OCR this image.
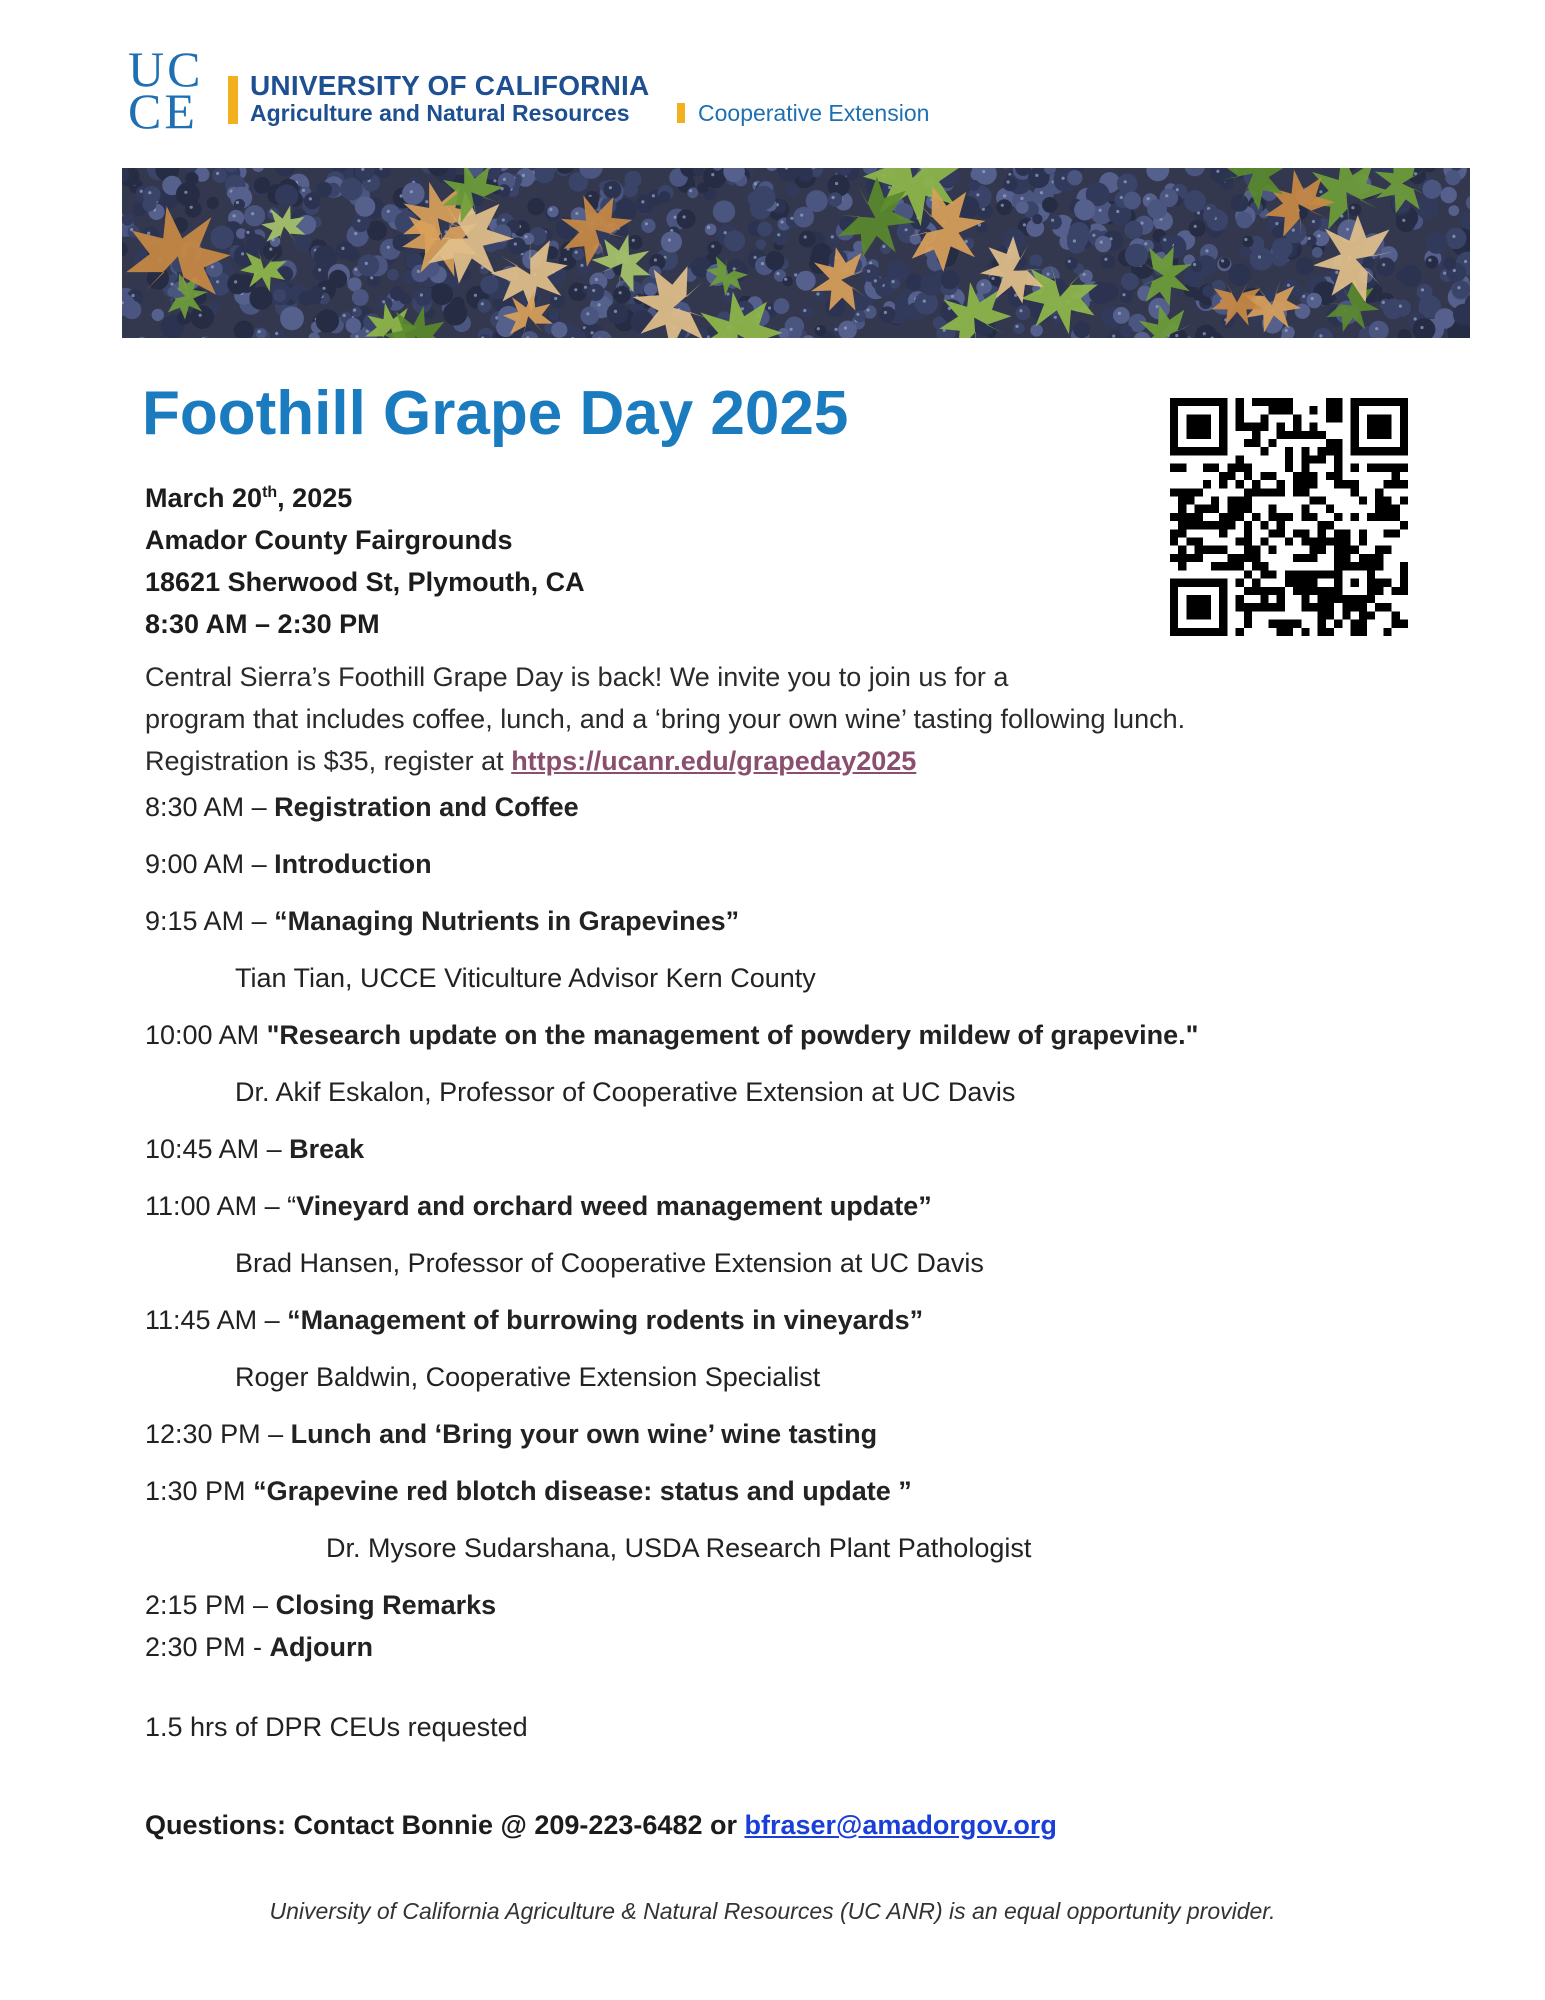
UC
CE	UNIVERSITY OF CALIFORNIA
Agriculture and Natural Resources	Cooperative Extension
Foothill Grape Day 2025
March 20th, 2025
Amador County Fairgrounds
18621 Sherwood St, Plymouth, CA
8:30 AM – 2:30 PM
Central Sierra’s Foothill Grape Day is back! We invite you to join us for a
program that includes coffee, lunch, and a ‘bring your own wine’ tasting following lunch.
Registration is $35, register at https://ucanr.edu/grapeday2025
8:30 AM – Registration and Coffee
9:00 AM – Introduction
9:15 AM – “Managing Nutrients in Grapevines”
Tian Tian, UCCE Viticulture Advisor Kern County
10:00 AM "Research update on the management of powdery mildew of grapevine."
Dr. Akif Eskalon, Professor of Cooperative Extension at UC Davis
10:45 AM – Break
11:00 AM – “Vineyard and orchard weed management update”
Brad Hansen, Professor of Cooperative Extension at UC Davis
11:45 AM – “Management of burrowing rodents in vineyards”
Roger Baldwin, Cooperative Extension Specialist
12:30 PM – Lunch and ‘Bring your own wine’ wine tasting
1:30 PM “Grapevine red blotch disease: status and update ”
Dr. Mysore Sudarshana, USDA Research Plant Pathologist
2:15 PM – Closing Remarks
2:30 PM - Adjourn
1.5 hrs of DPR CEUs requested
Questions: Contact Bonnie @ 209-223-6482 or bfraser@amadorgov.org
University of California Agriculture & Natural Resources (UC ANR) is an equal opportunity provider.
